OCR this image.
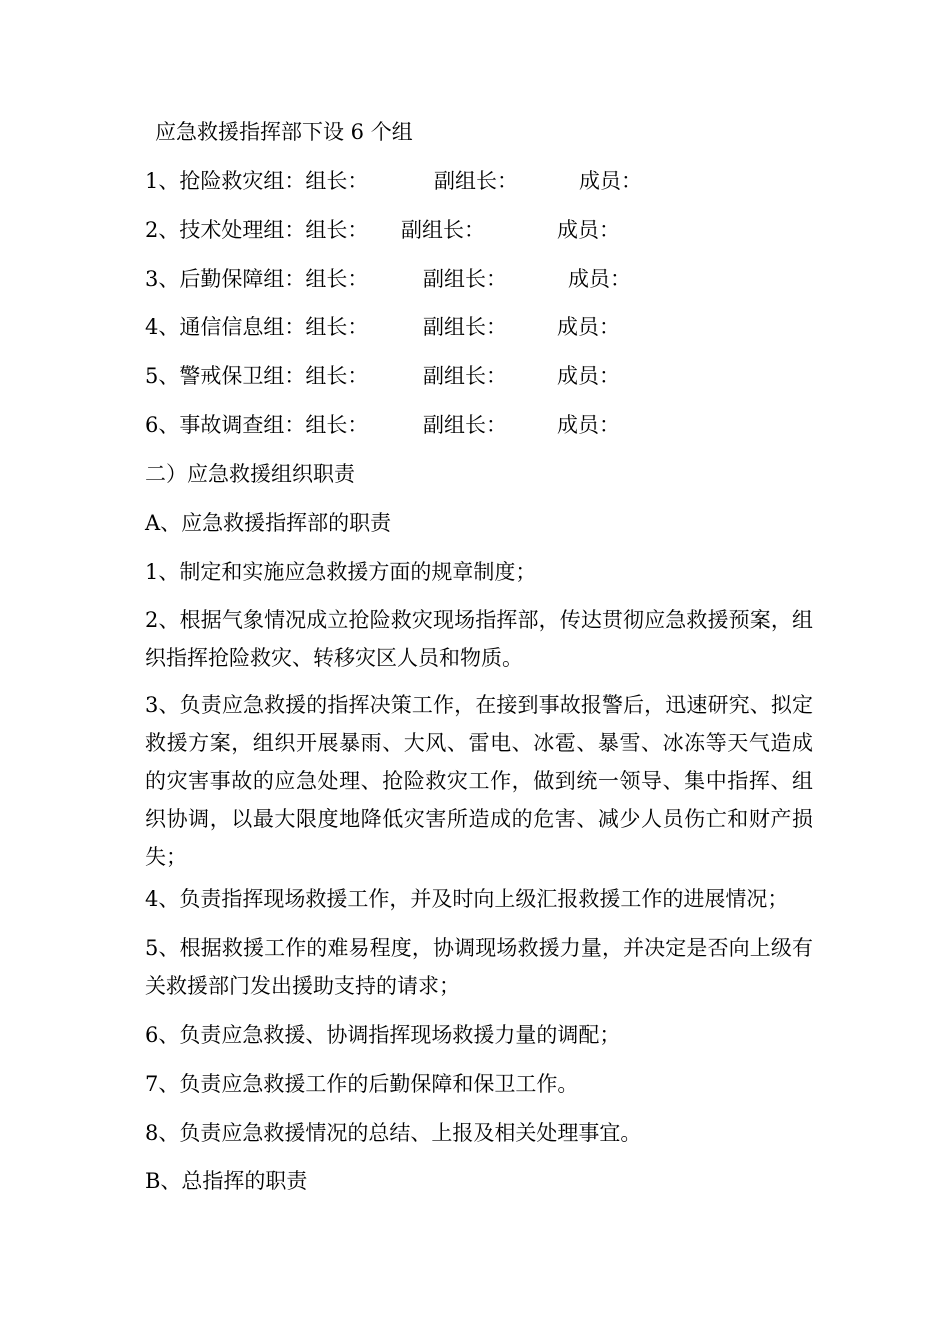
应急救援指挥部下设 6 个组
1、抢险救灾组：组长：	副组长：	成员：
2、技术处理组：组长： 副组长：	成员：
3、后勤保障组：组长：	副组长：	成员：
4、通信信息组：组长：	副组长： 成员：
5、警戒保卫组：组长：	副组长： 成员：
6、事故调查组：组长：	副组长： 成员：
二）应急救援组织职责
A、应急救援指挥部的职责
1、制定和实施应急救援方面的规章制度；
2、根据气象情况成立抢险救灾现场指挥部，传达贯彻应急救援预案，组织指挥抢险救灾、转移灾区人员和物质。
3、负责应急救援的指挥决策工作，在接到事故报警后，迅速研究、拟定救援方案，组织开展暴雨、大风、雷电、冰雹、暴雪、冰冻等天气造成的灾害事故的应急处理、抢险救灾工作，做到统一领导、集中指挥、组织协调，以最大限度地降低灾害所造成的危害、减少人员伤亡和财产损失；
4、负责指挥现场救援工作，并及时向上级汇报救援工作的进展情况；
5、根据救援工作的难易程度，协调现场救援力量，并决定是否向上级有关救援部门发出援助支持的请求；
6、负责应急救援、协调指挥现场救援力量的调配；
7、负责应急救援工作的后勤保障和保卫工作。
8、负责应急救援情况的总结、上报及相关处理事宜。
B、总指挥的职责
